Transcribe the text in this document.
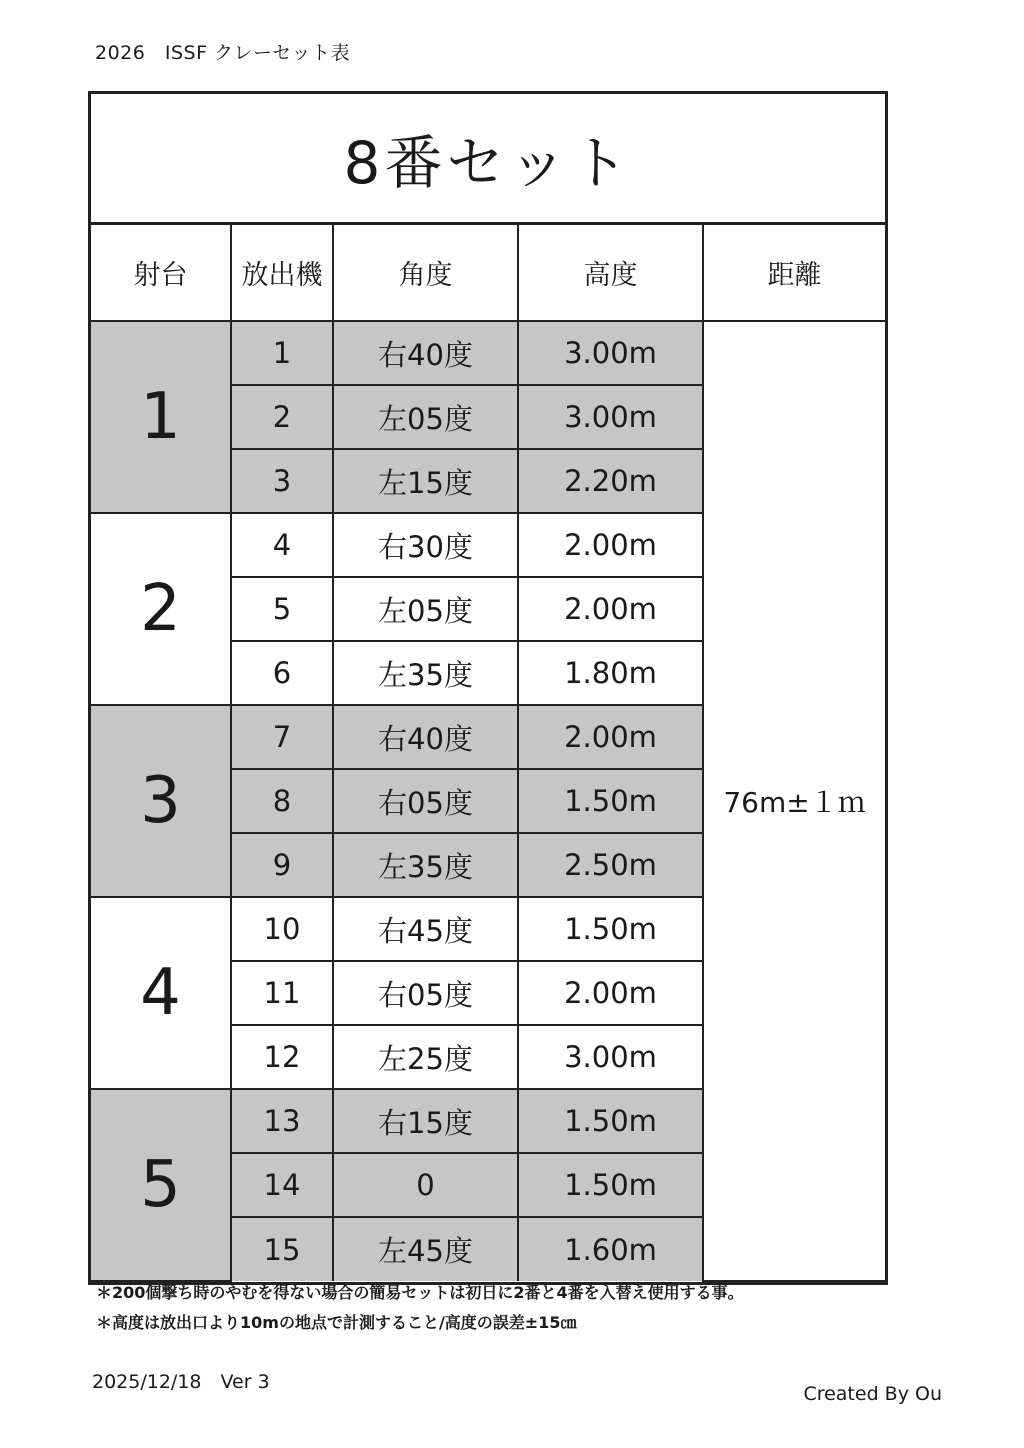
2026　ISSF クレーセット表
8番セット
射台	放出機	角度	高度	距離
1	1	右40度	3.00m	76m±１ｍ
	2	左05度	3.00m	
	3	左15度	2.20m	
2	4	右30度	2.00m	
	5	左05度	2.00m	
	6	左35度	1.80m	
3	7	右40度	2.00m	
	8	右05度	1.50m	
	9	左35度	2.50m	
4	10	右45度	1.50m	
	11	右05度	2.00m	
	12	左25度	3.00m	
5	13	右15度	1.50m	
	14	0	1.50m	
	15	左45度	1.60m	
＊200個撃ち時のやむを得ない場合の簡易セットは初日に2番と4番を入替え使用する事。
＊高度は放出口より10mの地点で計測すること/高度の誤差±15㎝
2025/12/18　Ver 3
Created By Ou
